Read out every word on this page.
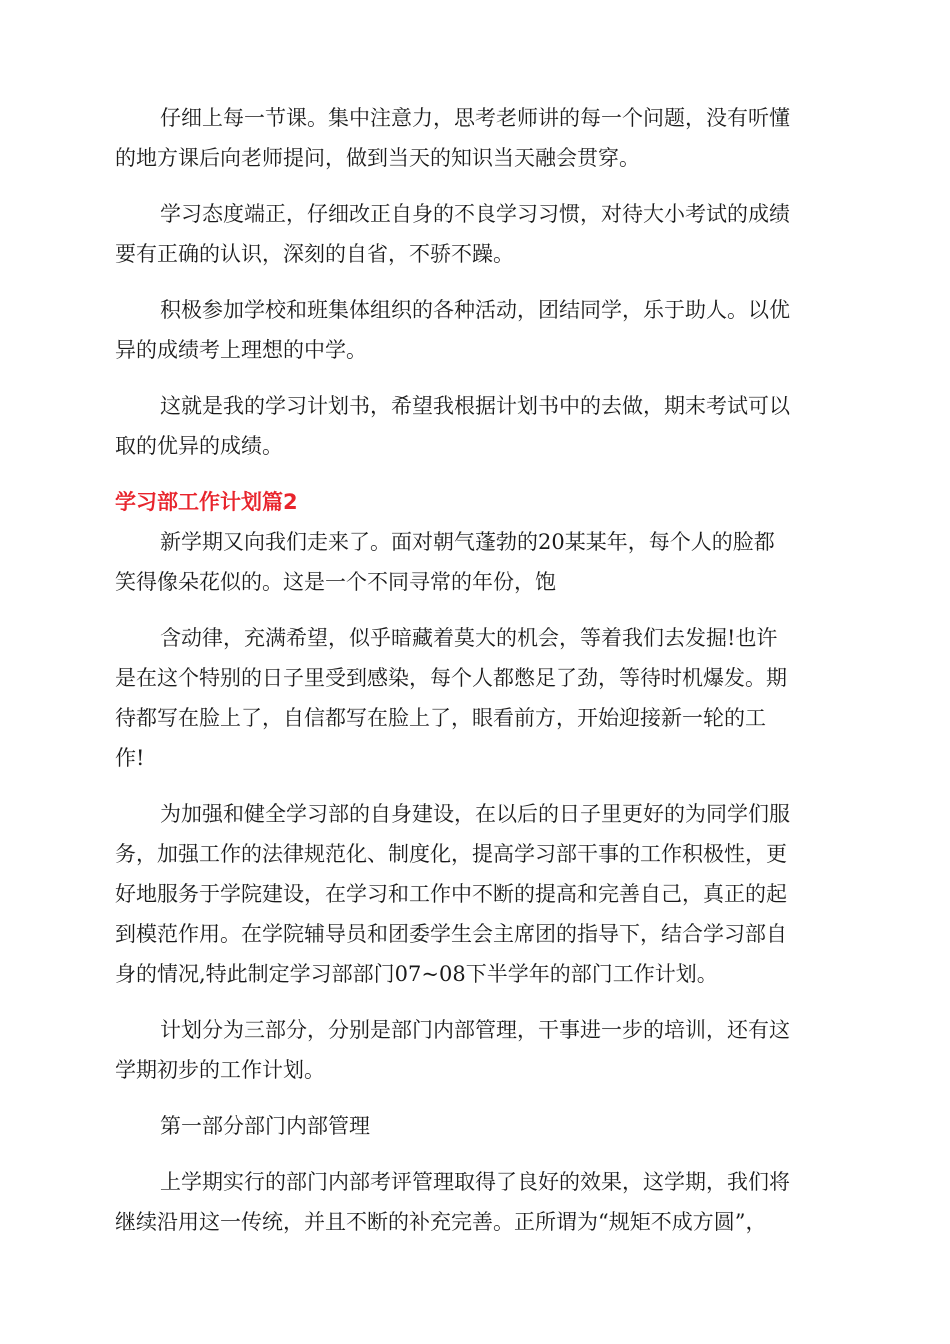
仔细上每一节课。集中注意力，思考老师讲的每一个问题，没有听懂
的地方课后向老师提问，做到当天的知识当天融会贯穿。
学习态度端正，仔细改正自身的不良学习习惯，对待大小考试的成绩
要有正确的认识，深刻的自省，不骄不躁。
积极参加学校和班集体组织的各种活动，团结同学，乐于助人。以优
异的成绩考上理想的中学。
这就是我的学习计划书，希望我根据计划书中的去做，期末考试可以
取的优异的成绩。
学习部工作计划篇2
新学期又向我们走来了。面对朝气蓬勃的20某某年，每个人的脸都
笑得像朵花似的。这是一个不同寻常的年份，饱
含动律，充满希望，似乎暗藏着莫大的机会，等着我们去发掘!也许
是在这个特别的日子里受到感染，每个人都憋足了劲，等待时机爆发。期
待都写在脸上了，自信都写在脸上了，眼看前方，开始迎接新一轮的工
作!
为加强和健全学习部的自身建设，在以后的日子里更好的为同学们服
务，加强工作的法律规范化、制度化，提高学习部干事的工作积极性，更
好地服务于学院建设，在学习和工作中不断的提高和完善自己，真正的起
到模范作用。在学院辅导员和团委学生会主席团的指导下，结合学习部自
身的情况,特此制定学习部部门07~08下半学年的部门工作计划。
计划分为三部分，分别是部门内部管理，干事进一步的培训，还有这
学期初步的工作计划。
第一部分部门内部管理
上学期实行的部门内部考评管理取得了良好的效果，这学期，我们将
继续沿用这一传统，并且不断的补充完善。正所谓为“规矩不成方圆”，
